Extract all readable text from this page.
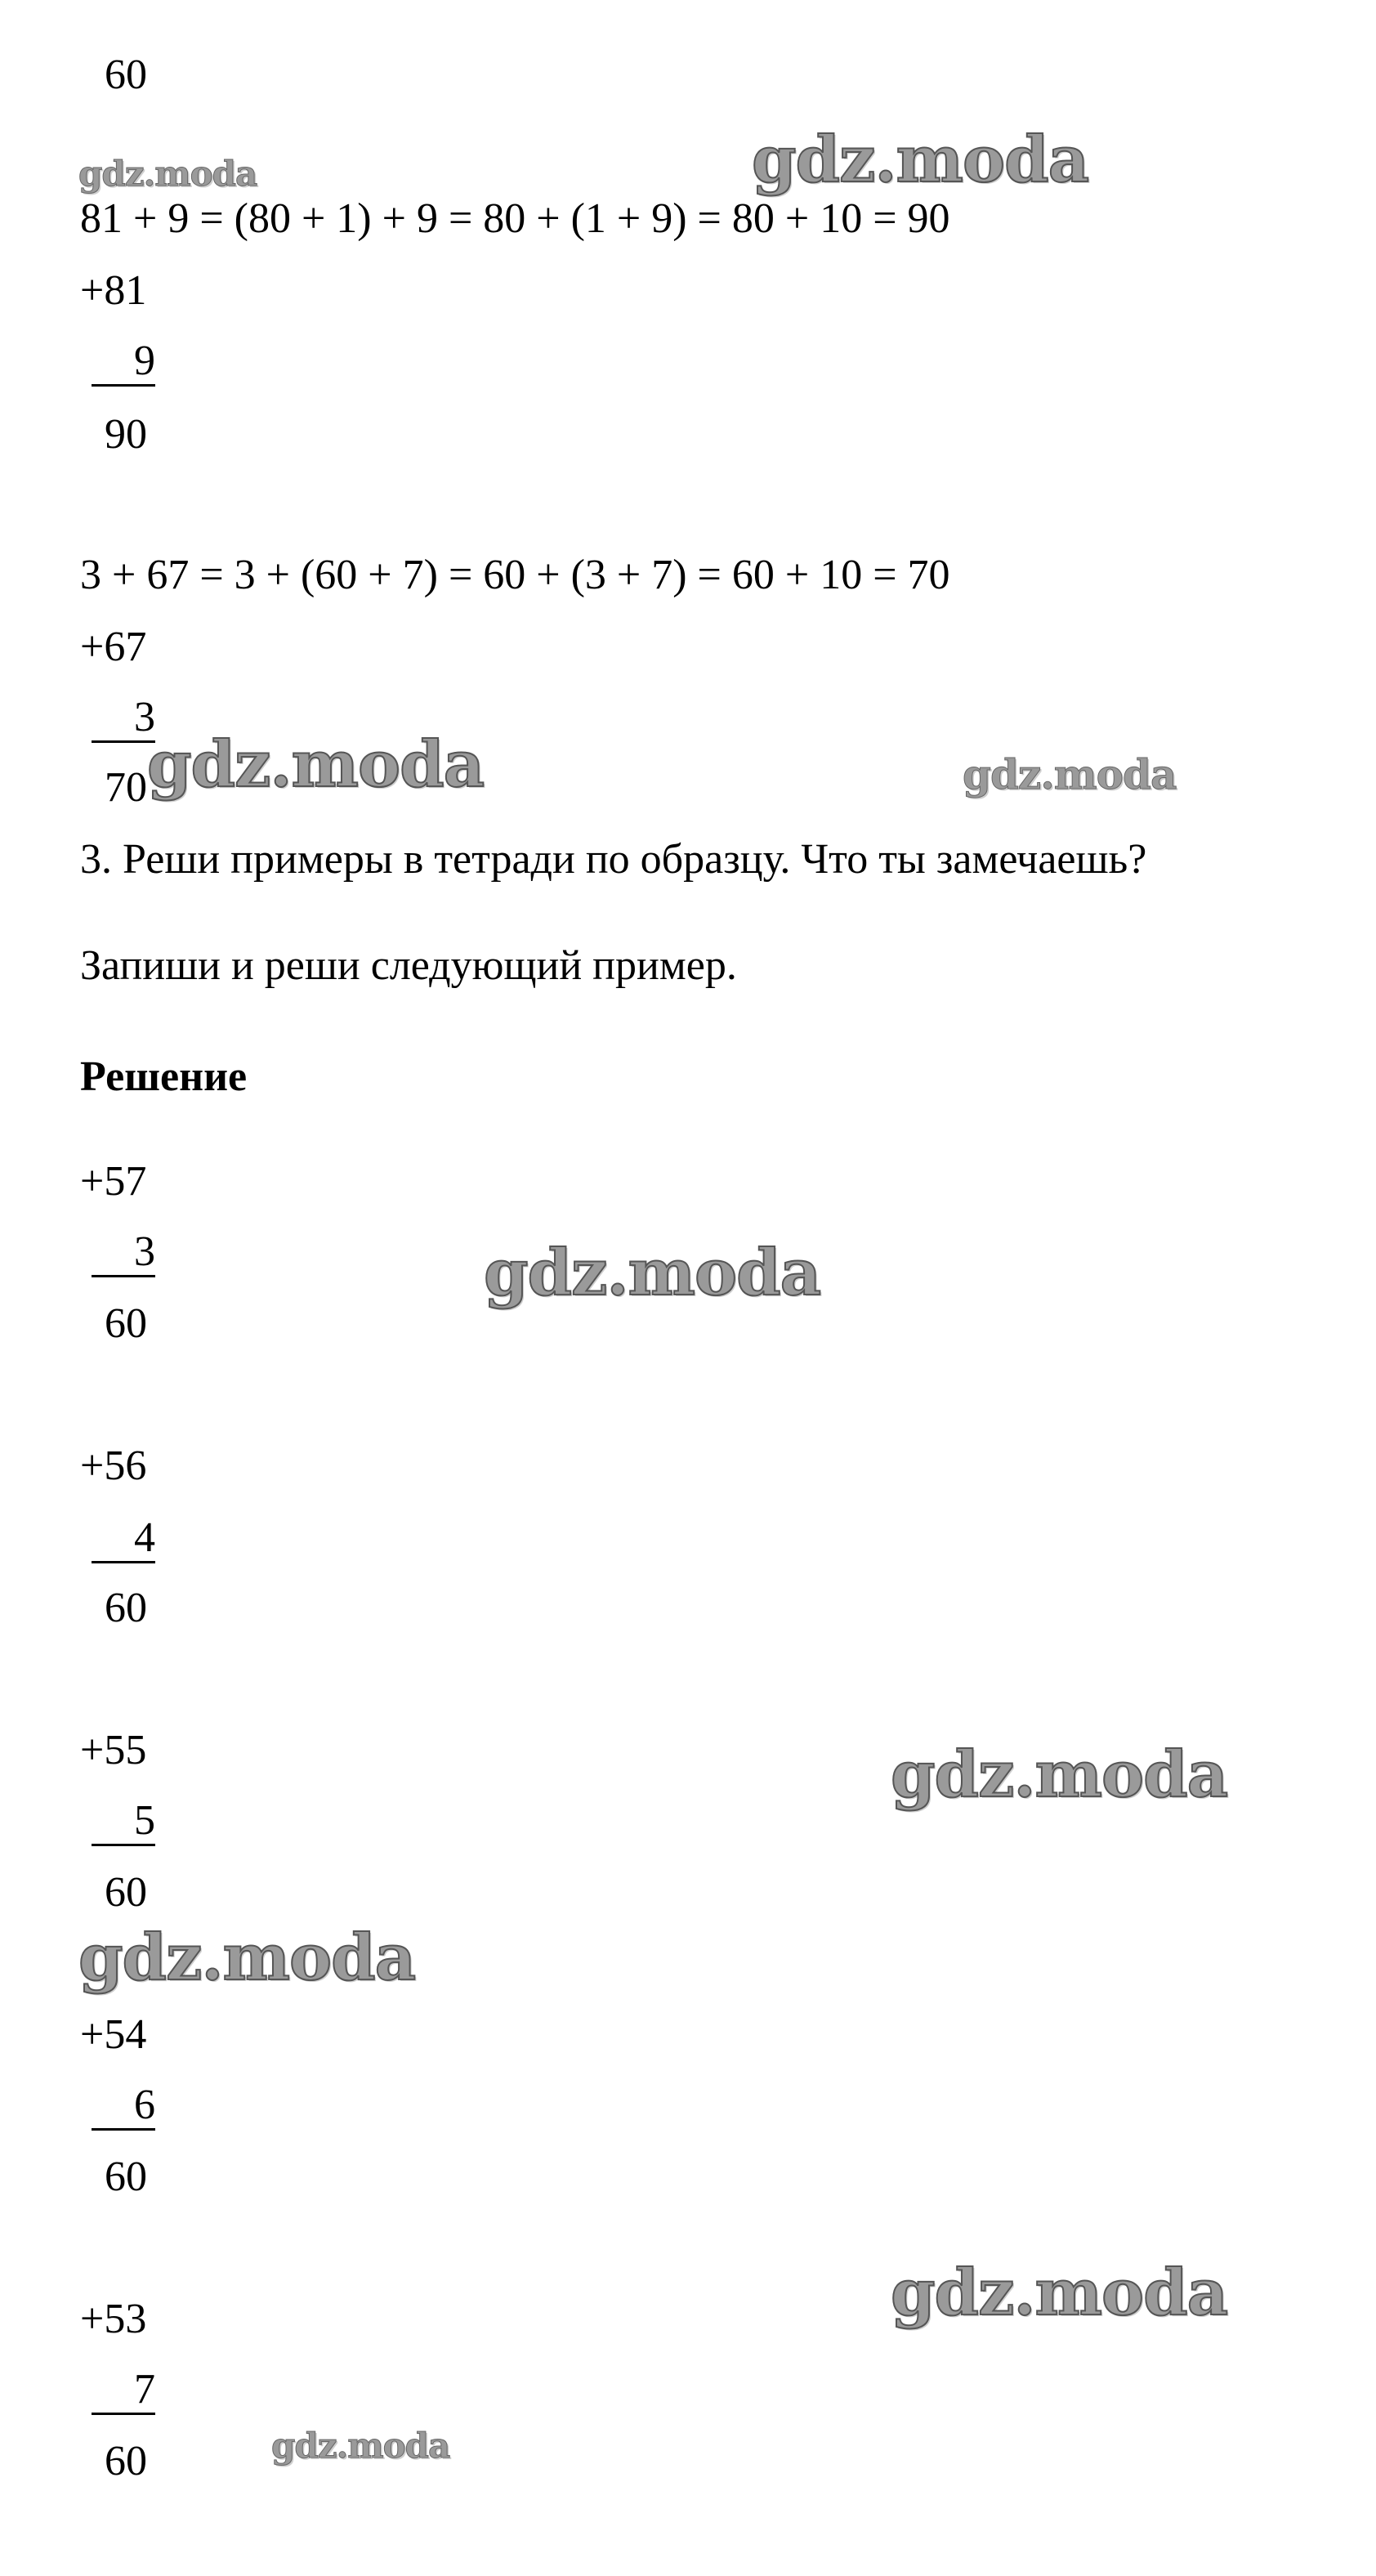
60
81 + 9 = (80 + 1) + 9 = 80 + (1 + 9) = 80 + 10 = 90
+81
9
90
3 + 67 = 3 + (60 + 7) = 60 + (3 + 7) = 60 + 10 = 70
+67
3
70
3. Реши примеры в тетради по образцу. Что ты замечаешь?
Запиши и реши следующий пример.
Решение
+57
3
60
+56
4
60
+55
5
60
+54
6
60
+53
7
60
gdz.moda	gdz.moda
gdz.moda	gdz.moda
gdz.moda
gdz.moda
gdz.moda
gdz.moda
gdz.moda
